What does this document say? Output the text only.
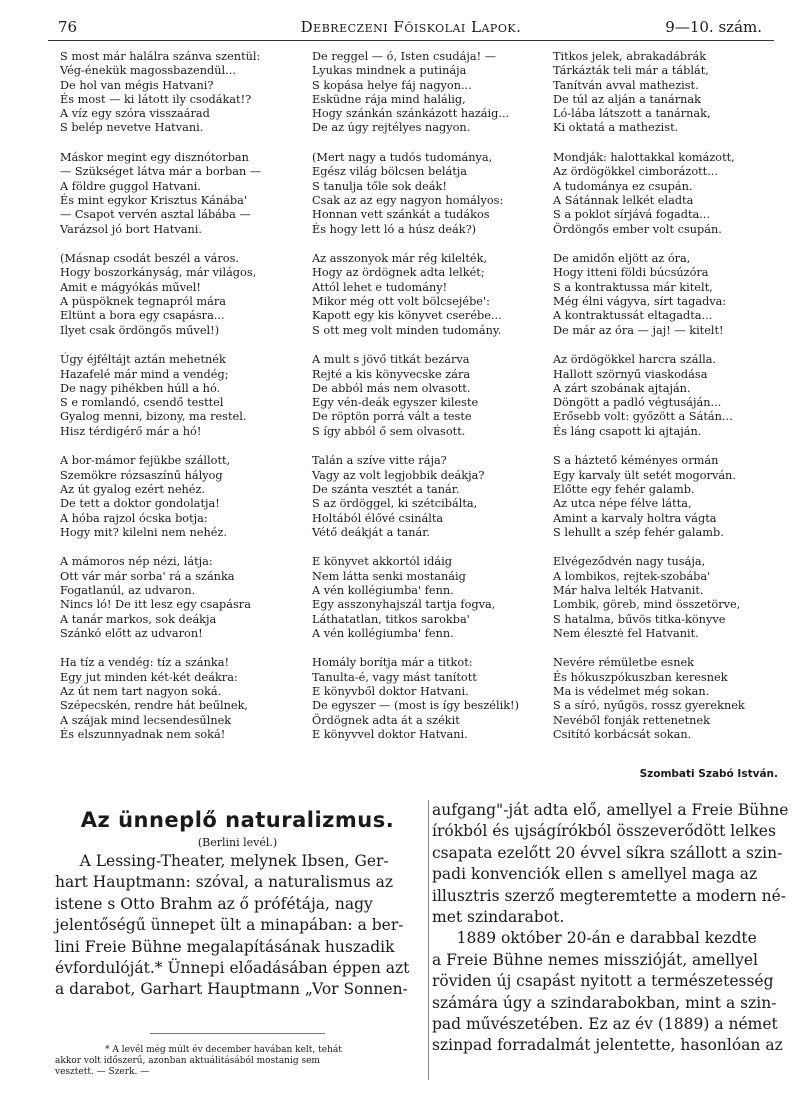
76	Debreczeni Főiskolai Lapok.	9—10. szám.
S most már halálra szánva szentül:
Vég-énekük magossbazendül...
De hol van mégis Hatvani?
És most — ki látott ily csodákat!?
A víz egy szóra visszaárad
S belép nevetve Hatvani.
Máskor megint egy disznótorban
— Szükséget látva már a borban —
A földre guggol Hatvani.
És mint egykor Krisztus Kánába'
— Csapot vervén asztal lábába —
Varázsol jó bort Hatvani.
(Másnap csodát beszél a város.
Hogy boszorkányság, már világos,
Amit e mágyókás művel!
A püspöknek tegnapról mára
Eltünt a bora egy csapásra...
Ilyet csak ördöngős művel!)
Úgy éjféltájt aztán mehetnék
Hazafelé már mind a vendég;
De nagy pihékben húll a hó.
S e romlandó, csendő testtel
Gyalog menni, bizony, ma restel.
Hisz térdigérő már a hó!
A bor-mámor fejükbe szállott,
Szemökre rózsaszínű hályog
Az út gyalog ezért nehéz.
De tett a doktor gondolatja!
A hóba rajzol ócska botja:
Hogy mit? kilelni nem nehéz.
A mámoros nép nézi, látja:
Ott vár már sorba' rá a szánka
Fogatlanúl, az udvaron.
Nincs ló! De itt lesz egy csapásra
A tanár markos, sok deákja
Szánkó előtt az udvaron!
Ha tíz a vendég: tíz a szánka!
Egy jut minden két-két deákra:
Az út nem tart nagyon soká.
Szépecskén, rendre hát beűlnek,
A szájak mind lecsendesűlnek
És elszunnyadnak nem soká!
De reggel — ó, Isten csudája! —
Lyukas mindnek a putinája
S kopása helye fáj nagyon...
Esküdne rája mind halálig,
Hogy szánkán szánkázott hazáig...
De az úgy rejtélyes nagyon.
(Mert nagy a tudós tudománya,
Egész világ bölcsen belátja
S tanulja tőle sok deák!
Csak az az egy nagyon homályos:
Honnan vett szánkát a tudákos
És hogy lett ló a húsz deák?)
Az asszonyok már rég kilelték,
Hogy az ördögnek adta lelkét;
Attól lehet e tudomány!
Mikor még ott volt bölcsejébe':
Kapott egy kis könyvet cserébe...
S ott meg volt minden tudomány.
A mult s jövő titkát bezárva
Rejté a kis könyvecske zára
De abból más nem olvasott.
Egy vén-deák egyszer kileste
De röptön porrá vált a teste
S így abból ő sem olvasott.
Talán a szíve vitte rája?
Vagy az volt legjobbik deákja?
De szánta vesztét a tanár.
S az ördöggel, ki szétcibálta,
Holtából élővé csinálta
Vétő deákját a tanár.
E könyvet akkortól idáig
Nem látta senki mostanáig
A vén kollégiumba' fenn.
Egy asszonyhajszál tartja fogva,
Láthatatlan, titkos sarokba'
A vén kollégiumba' fenn.
Homály borítja már a titkot:
Tanulta-é, vagy mást tanított
E könyvből doktor Hatvani.
De egyszer — (most is így beszélik!)
Ördögnek adta át a székit
E könyvvel doktor Hatvani.
Titkos jelek, abrakadábrák
Tárkázták teli már a táblát,
Tanítván avval mathezist.
De túl az alján a tanárnak
Ló-lába látszott a tanárnak,
Ki oktatá a mathezist.
Mondják: halottakkal komázott,
Az ördögökkel cimborázott...
A tudománya ez csupán.
A Sátánnak lelkét eladta
S a poklot sírjává fogadta...
Ördöngős ember volt csupán.
De amidőn eljött az óra,
Hogy itteni földi búcsúzóra
S a kontraktussa már kitelt,
Még élni vágyva, sírt tagadva:
A kontraktussát eltagadta...
De már az óra — jaj! — kitelt!
Az ördögökkel harcra szálla.
Hallott szörnyű viaskodása
A zárt szobának ajtaján.
Döngött a padló végtusáján...
Erősebb volt: győzött a Sátán...
És láng csapott ki ajtaján.
S a háztető kéményes ormán
Egy karvaly ült setét mogorván.
Előtte egy fehér galamb.
Az utca népe félve látta,
Amint a karvaly holtra vágta
S lehullt a szép fehér galamb.
Elvégeződvén nagy tusája,
A lombikos, rejtek-szobába'
Már halva lelték Hatvanit.
Lombik, göreb, mind összetörve,
S hatalma, bűvös titka-könyve
Nem élesztė fel Hatvanit.
Nevére rémületbe esnek
És hókuszpókuszban keresnek
Ma is védelmet még sokan.
S a síró, nyűgös, rossz gyereknek
Nevéből fonják rettenetnek
Csitító korbácsát sokan.
Szombati Szabó István.
Az ünneplő naturalizmus.
(Berlini levél.)
A Lessing-Theater, melynek Ibsen, Ger-
hart Hauptmann: szóval, a naturalismus az
istene s Otto Brahm az ő prófétája, nagy
jelentőségű ünnepet ült a minapában: a ber-
lini Freie Bühne megalapításának huszadik
évfordulóját.* Ünnepi előadásában éppen azt
a darabot, Garhart Hauptmann „Vor Sonnen-
* A levél még múlt év december havában kelt, tehát
akkor volt időszerű, azonban aktuálitásából mostanig sem
vesztett. — Szerk. —
aufgang"-ját adta elő, amellyel a Freie Bühne
írókból és ujságírókból összeverődött lelkes
csapata ezelőtt 20 évvel síkra szállott a szin-
padi konvenciók ellen s amellyel maga az
illusztris szerző megteremtette a modern né-
met szindarabot.
1889 október 20-án e darabbal kezdte
a Freie Bühne nemes misszióját, amellyel
röviden új csapást nyitott a természetesség
számára úgy a szindarabokban, mint a szin-
pad művészetében. Ez az év (1889) a német
szinpad forradalmát jelentette, hasonlóan az
